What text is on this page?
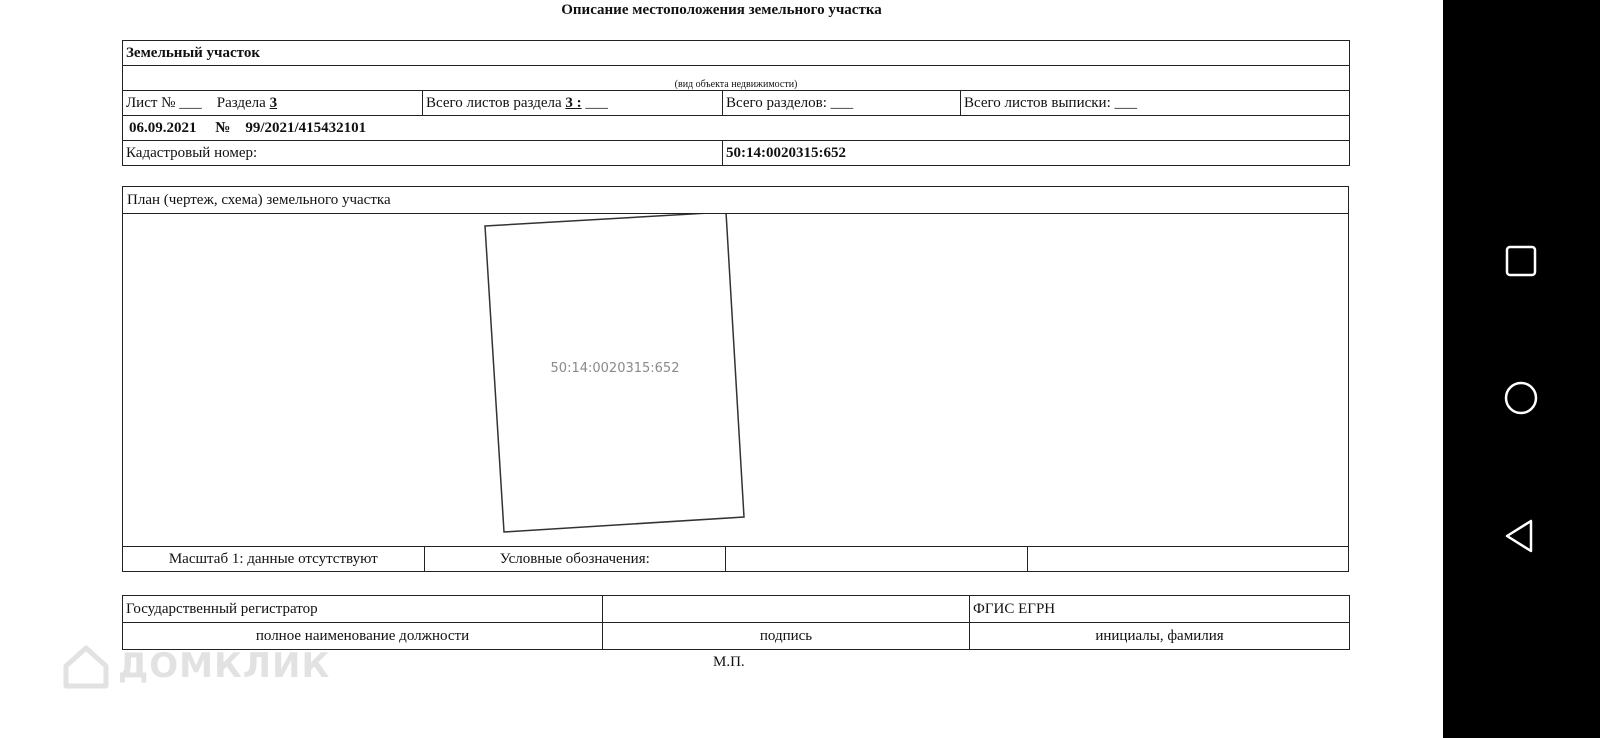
Описание местоположения земельного участка
Земельный участок			
(вид объекта недвижимости)			
Лист № ___ Раздела 3	Всего листов раздела 3 : ___	Всего разделов: ___	Всего листов выписки: ___
06.09.2021 № 99/2021/415432101			
Кадастровый номер:		50:14:0020315:652	
План (чертеж, схема) земельного участка
50:14:0020315:652
Масштаб 1: данные отсутствуют	Условные обозначения:
Государственный регистратор		ФГИС ЕГРН
полное наименование должности	подпись	инициалы, фамилия
М.П.
ДОМКЛИК
